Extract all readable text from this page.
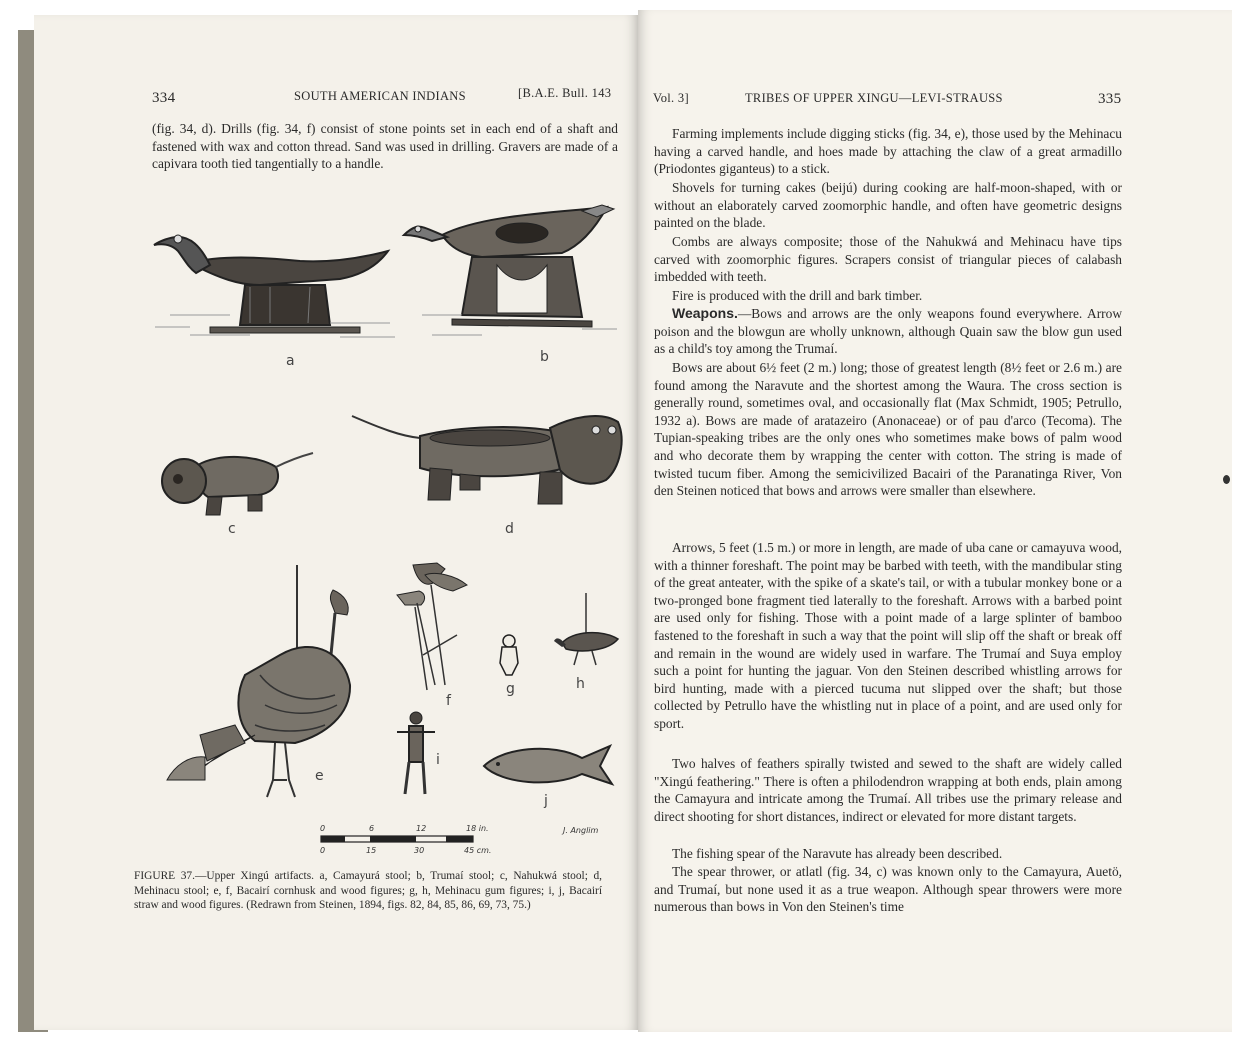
334	SOUTH AMERICAN INDIANS	[B.A.E. Bull. 143

(fig. 34, d). Drills (fig. 34, f) consist of stone points set in each end of a shaft and fastened with wax and cotton thread. Sand was used in drilling. Gravers are made of a capivara tooth tied tangentially to a handle.

a	b
c	d
e
f
g	h
i
j
0	6	12	18 in.
0	15	30	45 cm.
J. Anglim

FIGURE 37.—Upper Xingú artifacts. a, Camayurá stool; b, Trumaí stool; c, Nahukwá stool; d, Mehinacu stool; e, f, Bacairí cornhusk and wood figures; g, h, Mehinacu gum figures; i, j, Bacairí straw and wood figures. (Redrawn from Steinen, 1894, figs. 82, 84, 85, 86, 69, 73, 75.)

Vol. 3]	TRIBES OF UPPER XINGU—LEVI-STRAUSS	335

Farming implements include digging sticks (fig. 34, e), those used by the Mehinacu having a carved handle, and hoes made by attaching the claw of a great armadillo (Priodontes giganteus) to a stick.

Shovels for turning cakes (beijú) during cooking are half-moon-shaped, with or without an elaborately carved zoomorphic handle, and often have geometric designs painted on the blade.

Combs are always composite; those of the Nahukwá and Mehinacu have tips carved with zoomorphic figures. Scrapers consist of triangular pieces of calabash imbedded with teeth.

Fire is produced with the drill and bark timber.

Weapons.—Bows and arrows are the only weapons found everywhere. Arrow poison and the blowgun are wholly unknown, although Quain saw the blow gun used as a child's toy among the Trumaí.

Bows are about 6½ feet (2 m.) long; those of greatest length (8½ feet or 2.6 m.) are found among the Naravute and the shortest among the Waura. The cross section is generally round, sometimes oval, and occasionally flat (Max Schmidt, 1905; Petrullo, 1932 a). Bows are made of aratazeiro (Anonaceae) or of pau d'arco (Tecoma). The Tupian-speaking tribes are the only ones who sometimes make bows of palm wood and who decorate them by wrapping the center with cotton. The string is made of twisted tucum fiber. Among the semicivilized Bacairi of the Paranatinga River, Von den Steinen noticed that bows and arrows were smaller than elsewhere.

Arrows, 5 feet (1.5 m.) or more in length, are made of uba cane or camayuva wood, with a thinner foreshaft. The point may be barbed with teeth, with the mandibular sting of the great anteater, with the spike of a skate's tail, or with a tubular monkey bone or a two-pronged bone fragment tied laterally to the foreshaft. Arrows with a barbed point are used only for fishing. Those with a point made of a large splinter of bamboo fastened to the foreshaft in such a way that the point will slip off the shaft or break off and remain in the wound are widely used in warfare. The Trumaí and Suya employ such a point for hunting the jaguar. Von den Steinen described whistling arrows for bird hunting, made with a pierced tucuma nut slipped over the shaft; but those collected by Petrullo have the whistling nut in place of a point, and are used only for sport.

Two halves of feathers spirally twisted and sewed to the shaft are widely called "Xingú feathering." There is often a philodendron wrapping at both ends, plain among the Camayura and intricate among the Trumaí. All tribes use the primary release and direct shooting for short distances, indirect or elevated for more distant targets.

The fishing spear of the Naravute has already been described.

The spear thrower, or atlatl (fig. 34, c) was known only to the Camayura, Auetö, and Trumaí, but none used it as a true weapon. Although spear throwers were more numerous than bows in Von den Steinen's time
